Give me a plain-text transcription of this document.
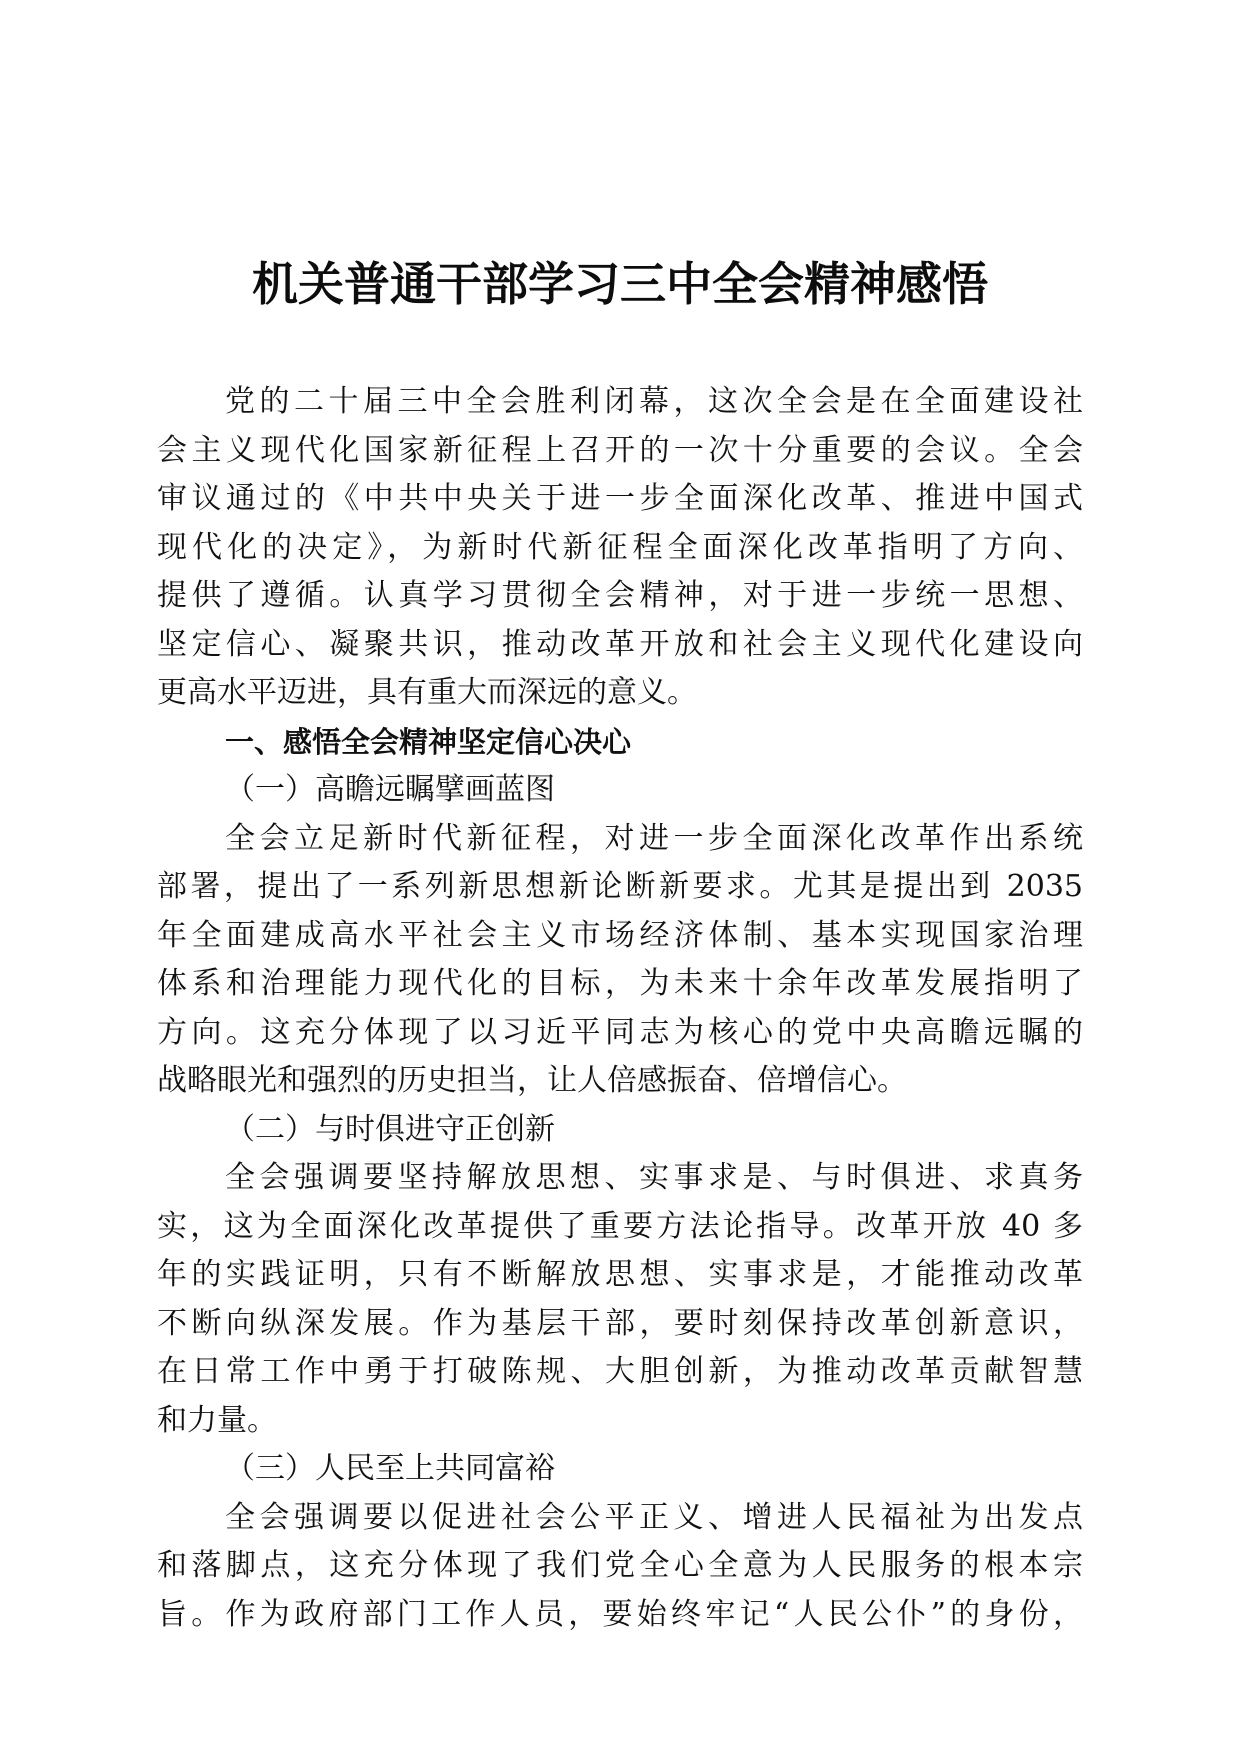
机关普通干部学习三中全会精神感悟
党的二十届三中全会胜利闭幕，这次全会是在全面建设社
会主义现代化国家新征程上召开的一次十分重要的会议。全会
审议通过的《中共中央关于进一步全面深化改革、推进中国式
现代化的决定》，为新时代新征程全面深化改革指明了方向、
提供了遵循。认真学习贯彻全会精神，对于进一步统一思想、
坚定信心、凝聚共识，推动改革开放和社会主义现代化建设向
更高水平迈进，具有重大而深远的意义。
一、感悟全会精神坚定信心决心
（一）高瞻远瞩擘画蓝图
全会立足新时代新征程，对进一步全面深化改革作出系统
部署，提出了一系列新思想新论断新要求。尤其是提出到 2035
年全面建成高水平社会主义市场经济体制、基本实现国家治理
体系和治理能力现代化的目标，为未来十余年改革发展指明了
方向。这充分体现了以习近平同志为核心的党中央高瞻远瞩的
战略眼光和强烈的历史担当，让人倍感振奋、倍增信心。
（二）与时俱进守正创新
全会强调要坚持解放思想、实事求是、与时俱进、求真务
实，这为全面深化改革提供了重要方法论指导。改革开放 40 多
年的实践证明，只有不断解放思想、实事求是，才能推动改革
不断向纵深发展。作为基层干部，要时刻保持改革创新意识，
在日常工作中勇于打破陈规、大胆创新，为推动改革贡献智慧
和力量。
（三）人民至上共同富裕
全会强调要以促进社会公平正义、增进人民福祉为出发点
和落脚点，这充分体现了我们党全心全意为人民服务的根本宗
旨。作为政府部门工作人员，要始终牢记“人民公仆”的身份，
